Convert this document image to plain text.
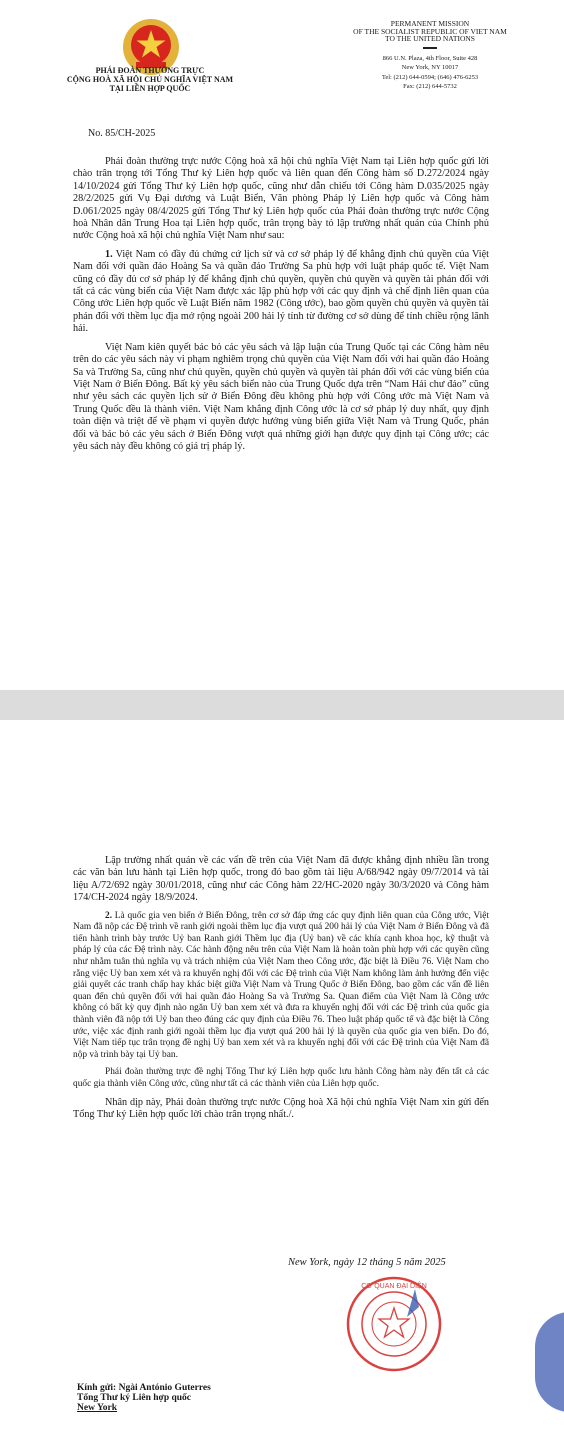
PHÁI ĐOÀN THƯỜNG TRỰC
CỘNG HOÀ XÃ HỘI CHỦ NGHĨA VIỆT NAM
TẠI LIÊN HỢP QUỐC
PERMANENT MISSION
OF THE SOCIALIST REPUBLIC OF VIET NAM
TO THE UNITED NATIONS
866 U.N. Plaza, 4th Floor, Suite 428
New York, NY 10017
Tel: (212) 644-0594; (646) 476-6253
Fax: (212) 644-5732
No. 85/CH-2025

Phái đoàn thường trực nước Cộng hoà xã hội chủ nghĩa Việt Nam tại Liên hợp quốc gửi lời chào trân trọng tới Tổng Thư ký Liên hợp quốc và liên quan đến Công hàm số D.272/2024 ngày 14/10/2024 gửi Tổng Thư ký Liên hợp quốc, cũng như dẫn chiếu tới Công hàm D.035/2025 ngày 28/2/2025 gửi Vụ Đại dương và Luật Biển, Văn phòng Pháp lý Liên hợp quốc và Công hàm D.061/2025 ngày 08/4/2025 gửi Tổng Thư ký Liên hợp quốc của Phái đoàn thường trực nước Cộng hoà Nhân dân Trung Hoa tại Liên hợp quốc, trân trọng bày tỏ lập trường nhất quán của Chính phủ nước Cộng hoà xã hội chủ nghĩa Việt Nam như sau:

1. Việt Nam có đầy đủ chứng cứ lịch sử và cơ sở pháp lý để khẳng định chủ quyền của Việt Nam đối với quần đảo Hoàng Sa và quần đảo Trường Sa phù hợp với luật pháp quốc tế. Việt Nam cũng có đầy đủ cơ sở pháp lý để khẳng định chủ quyền, quyền chủ quyền và quyền tài phán đối với tất cả các vùng biển của Việt Nam được xác lập phù hợp với các quy định và chế định liên quan của Công ước Liên hợp quốc về Luật Biển năm 1982 (Công ước), bao gồm quyền chủ quyền và quyền tài phán đối với thềm lục địa mở rộng ngoài 200 hải lý tính từ đường cơ sở dùng để tính chiều rộng lãnh hải.

Việt Nam kiên quyết bác bỏ các yêu sách và lập luận của Trung Quốc tại các Công hàm nêu trên do các yêu sách này vi phạm nghiêm trọng chủ quyền của Việt Nam đối với hai quần đảo Hoàng Sa và Trường Sa, cũng như chủ quyền, quyền chủ quyền và quyền tài phán đối với các vùng biển của Việt Nam ở Biển Đông. Bất kỳ yêu sách biển nào của Trung Quốc dựa trên “Nam Hải chư đảo” cũng như yêu sách các quyền lịch sử ở Biển Đông đều không phù hợp với Công ước mà Việt Nam và Trung Quốc đều là thành viên. Việt Nam khẳng định Công ước là cơ sở pháp lý duy nhất, quy định toàn diện và triệt để về phạm vi quyền được hưởng vùng biển giữa Việt Nam và Trung Quốc, phản đối và bác bỏ các yêu sách ở Biển Đông vượt quá những giới hạn được quy định tại Công ước; các yêu sách này đều không có giá trị pháp lý.

Lập trường nhất quán về các vấn đề trên của Việt Nam đã được khẳng định nhiều lần trong các văn bản lưu hành tại Liên hợp quốc, trong đó bao gồm tài liệu A/68/942 ngày 09/7/2014 và tài liệu A/72/692 ngày 30/01/2018, cũng như các Công hàm 22/HC-2020 ngày 30/3/2020 và Công hàm 174/CH-2024 ngày 18/9/2024.

2. Là quốc gia ven biển ở Biển Đông, trên cơ sở đáp ứng các quy định liên quan của Công ước, Việt Nam đã nộp các Đệ trình về ranh giới ngoài thềm lục địa vượt quá 200 hải lý của Việt Nam ở Biển Đông và đã tiến hành trình bày trước Uỷ ban Ranh giới Thềm lục địa (Uỷ ban) về các khía cạnh khoa học, kỹ thuật và pháp lý của các Đệ trình này. Các hành động nêu trên của Việt Nam là hoàn toàn phù hợp với các quyền cũng như nhằm tuân thủ nghĩa vụ và trách nhiệm của Việt Nam theo Công ước, đặc biệt là Điều 76. Việt Nam cho rằng việc Uỷ ban xem xét và ra khuyến nghị đối với các Đệ trình của Việt Nam không làm ảnh hưởng đến việc giải quyết các tranh chấp hay khác biệt giữa Việt Nam và Trung Quốc ở Biển Đông, bao gồm các vấn đề liên quan đến chủ quyền đối với hai quần đảo Hoàng Sa và Trường Sa. Quan điểm của Việt Nam là Công ước không có bất kỳ quy định nào ngăn Uỷ ban xem xét và đưa ra khuyến nghị đối với các Đệ trình của quốc gia thành viên đã nộp tới Uỷ ban theo đúng các quy định của Điều 76. Theo luật pháp quốc tế và đặc biệt là Công ước, việc xác định ranh giới ngoài thềm lục địa vượt quá 200 hải lý là quyền của quốc gia ven biển. Do đó, Việt Nam tiếp tục trân trọng đề nghị Uỷ ban xem xét và ra khuyến nghị đối với các Đệ trình của Việt Nam đã nộp và trình bày tại Uỷ ban.

Phái đoàn thường trực đề nghị Tổng Thư ký Liên hợp quốc lưu hành Công hàm này đến tất cả các quốc gia thành viên Công ước, cũng như tất cả các thành viên của Liên hợp quốc.

Nhân dịp này, Phái đoàn thường trực nước Cộng hoà Xã hội chủ nghĩa Việt Nam xin gửi đến Tổng Thư ký Liên hợp quốc lời chào trân trọng nhất./.

New York, ngày 12 tháng 5 năm 2025
CƠ QUAN ĐẠI DIỆN
Kính gửi: Ngài António Guterres
Tổng Thư ký Liên hợp quốc
New York
